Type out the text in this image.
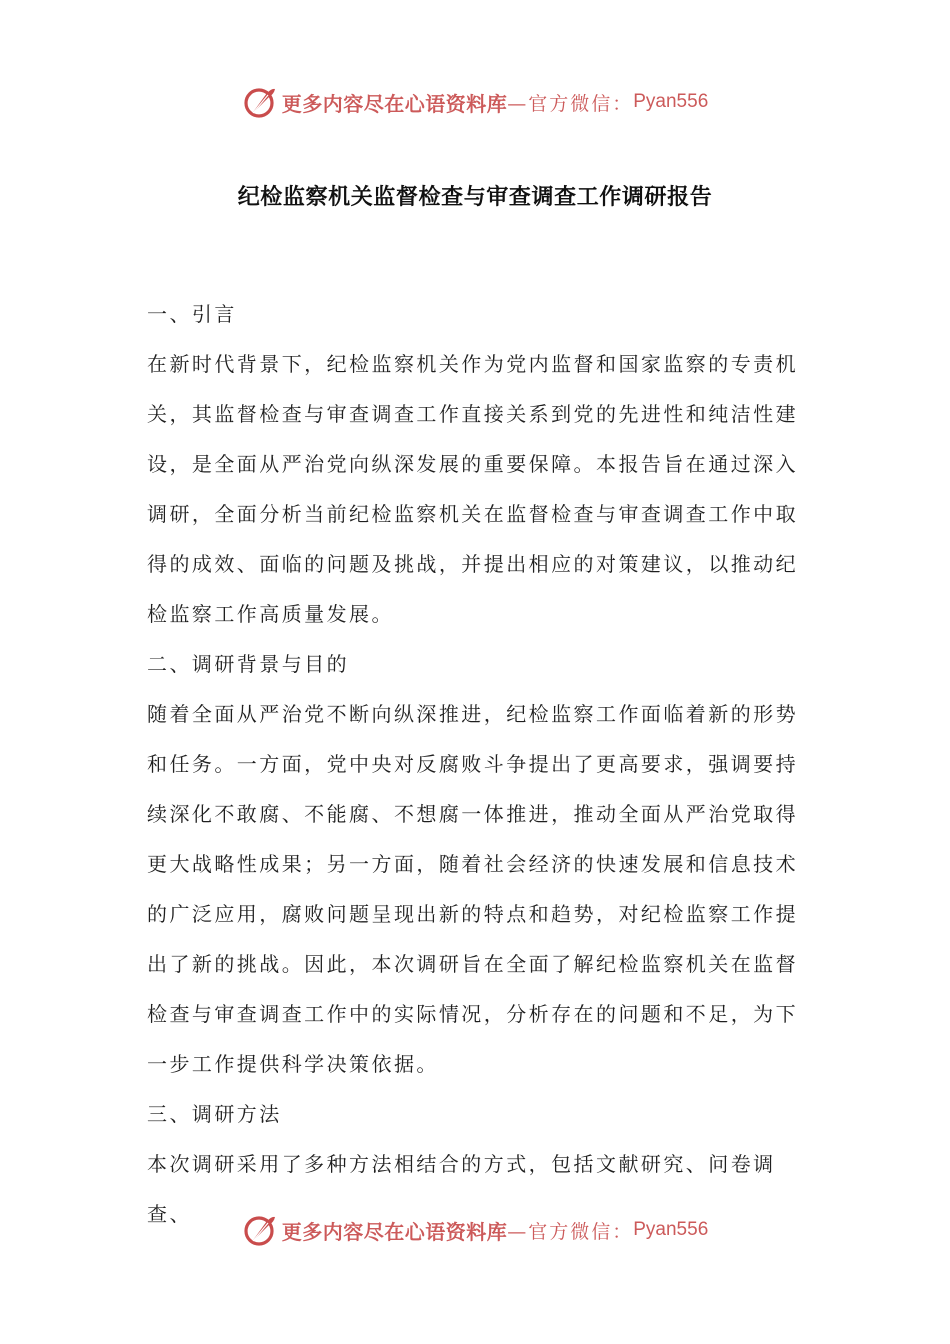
更多内容尽在心语资料库 —官方微信： Pyan556
纪检监察机关监督检查与审查调查工作调研报告
一、引言

在新时代背景下，纪检监察机关作为党内监督和国家监察的专责机

关，其监督检查与审查调查工作直接关系到党的先进性和纯洁性建

设，是全面从严治党向纵深发展的重要保障。本报告旨在通过深入

调研，全面分析当前纪检监察机关在监督检查与审查调查工作中取

得的成效、面临的问题及挑战，并提出相应的对策建议，以推动纪

检监察工作高质量发展。

二、调研背景与目的

随着全面从严治党不断向纵深推进，纪检监察工作面临着新的形势

和任务。一方面，党中央对反腐败斗争提出了更高要求，强调要持

续深化不敢腐、不能腐、不想腐一体推进，推动全面从严治党取得

更大战略性成果；另一方面，随着社会经济的快速发展和信息技术

的广泛应用，腐败问题呈现出新的特点和趋势，对纪检监察工作提

出了新的挑战。因此，本次调研旨在全面了解纪检监察机关在监督

检查与审查调查工作中的实际情况，分析存在的问题和不足，为下

一步工作提供科学决策依据。

三、调研方法

本次调研采用了多种方法相结合的方式，包括文献研究、问卷调查、

更多内容尽在心语资料库 —官方微信： Pyan556
